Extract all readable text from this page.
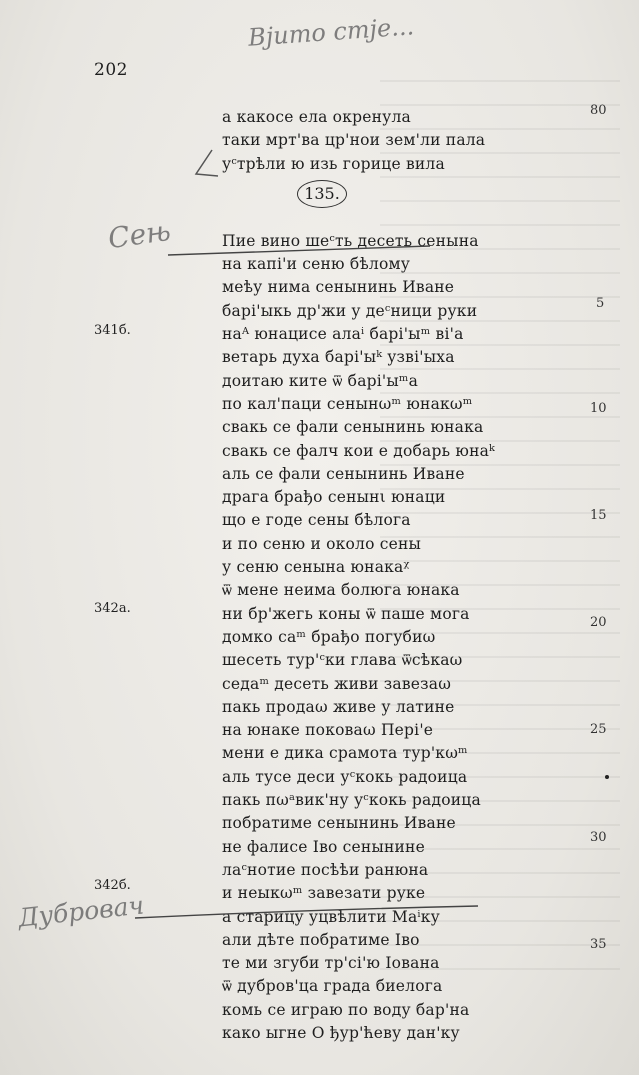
Вјито стје...
Сењ
Дубровач
202
а какосе ела окренула
таки мрт'ва цр'нои зем'ли пала
уᶜтрѣли ю изь горице вила
Пие вино шеᶜть десеть сенына
на капі'и сеню бѣлому
меѣу нима сенынинь Иване
барі'ыкь др'жи у деᶜници руки
наᴬ юнацисе алаⁱ барі'ыᵐ ві'а
ветарь духа барі'ыᵏ узві'ыха
доитаю ките ѿ барі'ыᵐа
по кал'паци сенынωᵐ юнакωᵐ
свакь се фали сенынинь юнака
свакь се фалч кои е добарь юнаᵏ
аль се фали сенынинь Иване
драга брађо сенынι юнаци
що е годе сены бѣлога
и по сеню и около сены
у сеню сенына юнакаᵡ
ѿ мене неима болюга юнака
ни бр'жегь коны ѿ паше мога
домко саᵐ брађо погубиω
шесеть тур'ᶜки глава ѿсѣкаω
седаᵐ десеть живи завезаω
пакь продаω живе у латине
на юнаке поковаω Пері'е
мени е дика срамота тур'кωᵐ
аль тусе деси уᶜкокь радоица
пакь пωᵃвик'ну уᶜкокь радоица
побратиме сенынинь Иване
не фалисе Іво сенынине
лаᶜнотие посѣѣи ранюна
и неыкωᵐ завезати руке
а старицу уцвѣлити Маⁱку
али дѣте побратиме Іво
те ми згуби тр'сі'ю Іована
ѿ дубров'ца града биелога
комь се играю по воду бар'на
како ыгне О ђур'ћеву дан'ку
135.
80
5
10
15
20
25
30
35
341б.
342а.
342б.
